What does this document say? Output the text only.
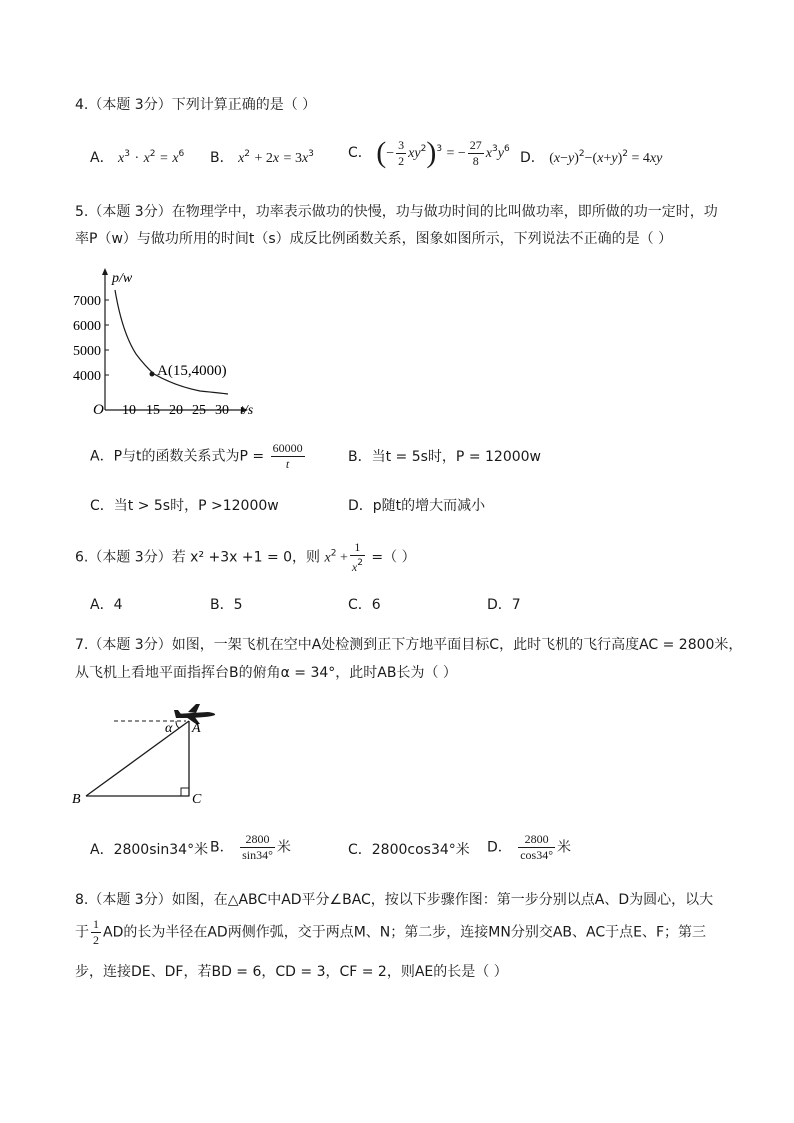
4.（本题 3分）下列计算正确的是（ ）
A． $x^3 \cdot x^2 = x^6$ B． $x^2 + 2x = 3x^3$ C． (− $\frac{3}{2} xy^2)^3$ = − $\frac{27}{8} x^3y^6$
D． $(x-y)^2-(x+y)^2 = 4xy$
5.（本题 3分）在物理学中，功率表示做功的快慢，功与做功时间的比叫做功率，即所做的功一定时，功
率P（w）与做功所用的时间t（s）成反比例函数关系，图象如图所示，下列说法不正确的是（ ）
7000
6000
5000
4000
10 15 20 25 30
O
p/w
t/s
A(15,4000)
A．P与t的函数关系式为$P = \frac{60000}{t}$	B．当t = 5s时，P = 12000w
C．当t > 5s时，P >12000w	D．p随t的增大而减小
6.（本题 3分）若 x² +3x +1 = 0，则 $x^2 + \frac{1}{x^2}$ =（ ）
A．4	B．5	C．6	D．7
7.（本题 3分）如图，一架飞机在空中A处检测到正下方地平面目标C，此时飞机的飞行高度AC = 2800米，
从飞机上看地平面指挥台B的俯角α = 34°，此时AB长为（ ）
α A
B	C
A．2800sin34°米 B． $\frac{2800}{\sin 34^\circ}$ 米	C．2800cos34°米 D． $\frac{2800}{\cos 34^\circ}$ 米
8.（本题 3分）如图，在△ABC中AD平分∠BAC，按以下步骤作图：第一步分别以点A、D为圆心，以大
于 $\frac{1}{2}$ AD的长为半径在AD两侧作弧，交于两点M、N；第二步，连接MN分别交AB、AC于点E、F；第三
步，连接DE、DF，若BD = 6，CD = 3，CF = 2，则AE的长是（ ）
